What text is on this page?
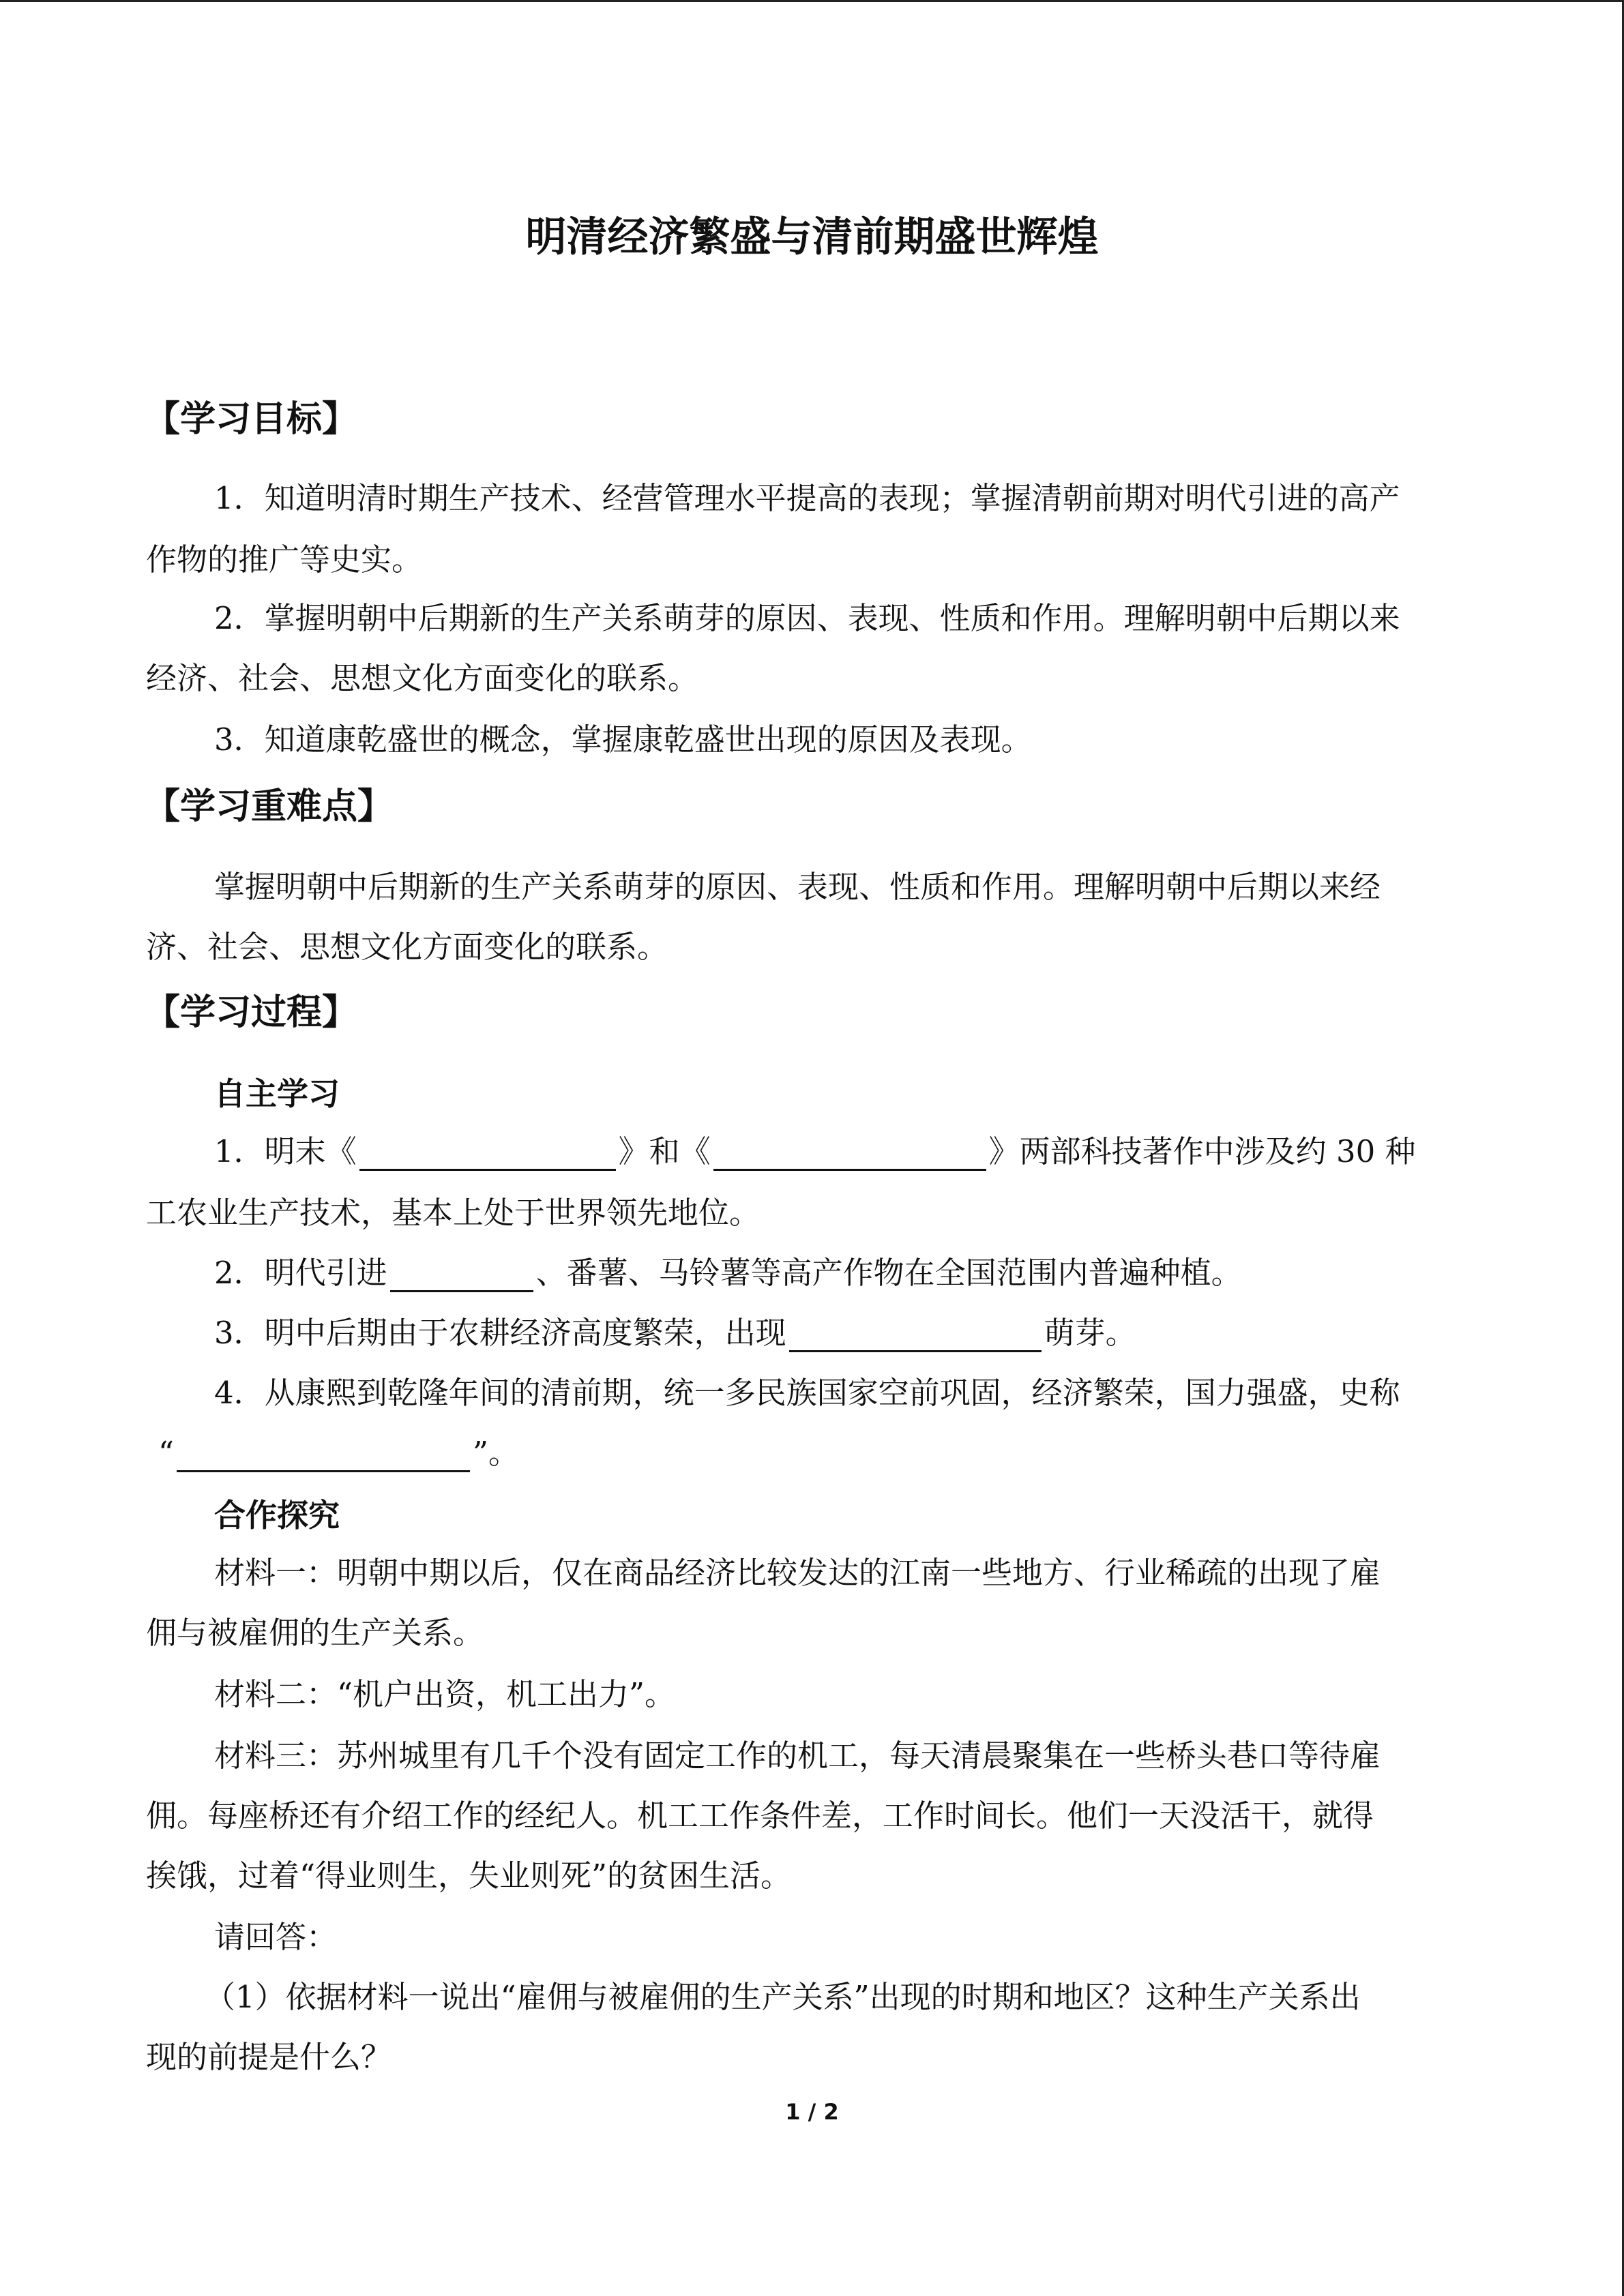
明清经济繁盛与清前期盛世辉煌
【学习目标】
1．知道明清时期生产技术、经营管理水平提高的表现；掌握清朝前期对明代引进的高产
作物的推广等史实。
2．掌握明朝中后期新的生产关系萌芽的原因、表现、性质和作用。理解明朝中后期以来
经济、社会、思想文化方面变化的联系。
3．知道康乾盛世的概念，掌握康乾盛世出现的原因及表现。
【学习重难点】
掌握明朝中后期新的生产关系萌芽的原因、表现、性质和作用。理解明朝中后期以来经
济、社会、思想文化方面变化的联系。
【学习过程】
自主学习
1．明末《	》和《	》两部科技著作中涉及约 30 种
工农业生产技术，基本上处于世界领先地位。
2．明代引进	、番薯、马铃薯等高产作物在全国范围内普遍种植。
3．明中后期由于农耕经济高度繁荣，出现	萌芽。
4．从康熙到乾隆年间的清前期，统一多民族国家空前巩固，经济繁荣，国力强盛，史称
“	”。
合作探究
材料一：明朝中期以后，仅在商品经济比较发达的江南一些地方、行业稀疏的出现了雇
佣与被雇佣的生产关系。
材料二：“机户出资，机工出力”。
材料三：苏州城里有几千个没有固定工作的机工，每天清晨聚集在一些桥头巷口等待雇
佣。每座桥还有介绍工作的经纪人。机工工作条件差，工作时间长。他们一天没活干，就得
挨饿，过着“得业则生，失业则死”的贫困生活。
请回答：
（1）依据材料一说出“雇佣与被雇佣的生产关系”出现的时期和地区？这种生产关系出
现的前提是什么？
1 / 2
